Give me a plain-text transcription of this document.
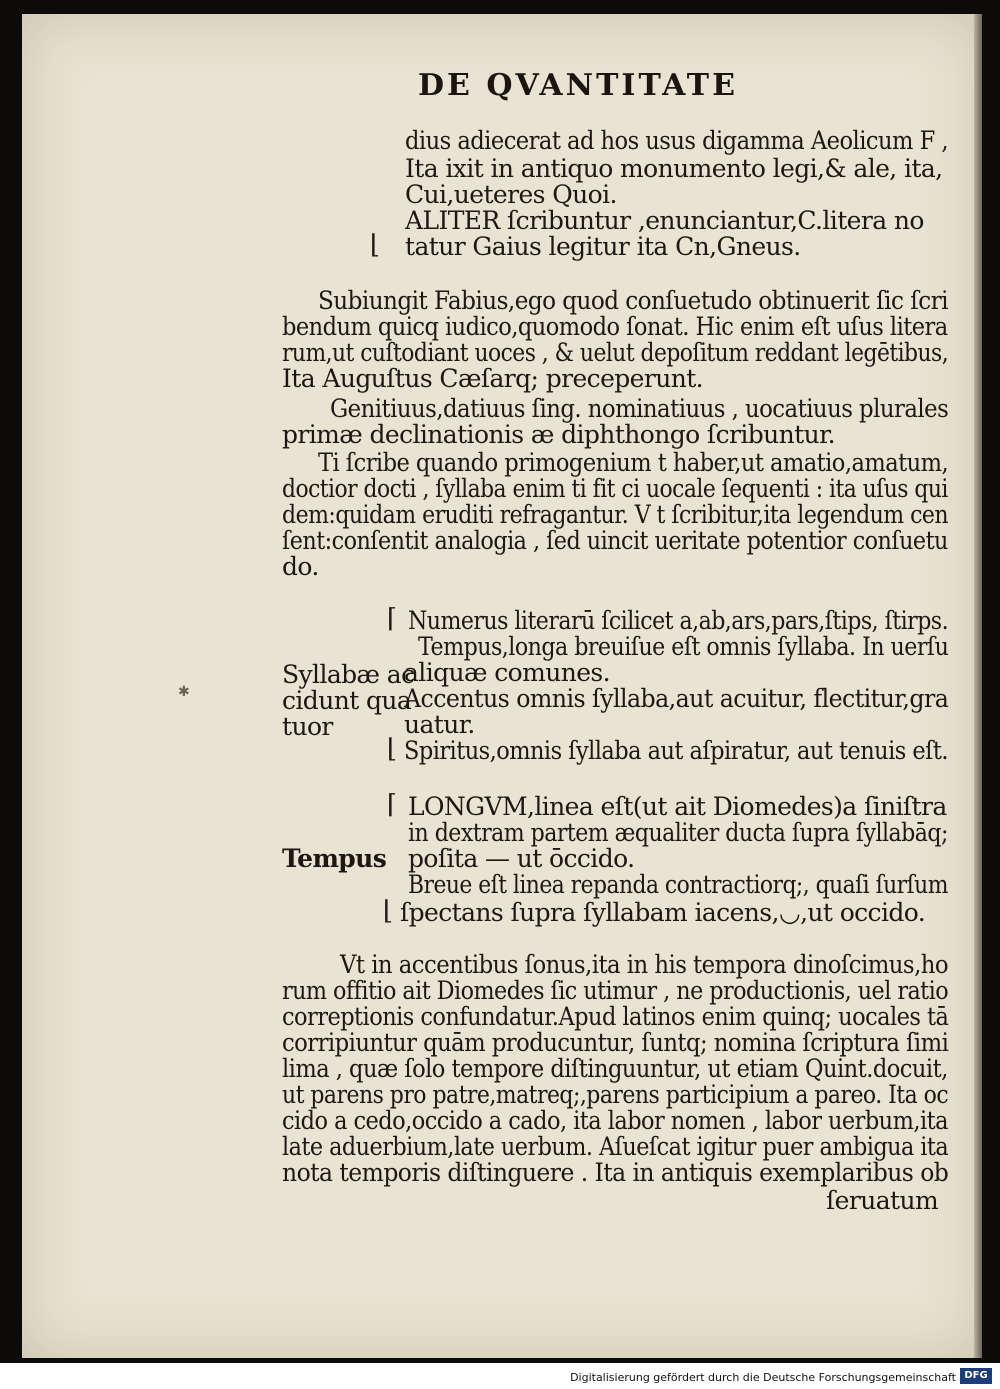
DE QVANTITATE
dius adiecerat ad hos usus digamma Aeolicum F ,
Ita ixit in antiquo monumento legi,& ale, ita,
Cui,ueteres Quoi.
ALITER ſcribuntur ,enunciantur,C.litera no
⌊ tatur Gaius legitur ita Cn,Gneus.
Subiungit Fabius,ego quod conſuetudo obtinuerit ſic ſcri
bendum quicq iudico,quomodo ſonat. Hic enim eſt uſus litera
rum,ut cuſtodiant uoces , & uelut depoſitum reddant legētibus,
Ita Auguſtus Cæſarq; preceperunt.
Genitiuus,datiuus ſing. nominatiuus , uocatiuus plurales
primæ declinationis æ diphthongo ſcribuntur.
Ti ſcribe quando primogenium t haber,ut amatio,amatum,
doctior docti , ſyllaba enim ti fit ci uocale ſequenti : ita uſus qui
dem:quidam eruditi refragantur. V t ſcribitur,ita legendum cen
ſent:conſentit analogia , ſed uincit ueritate potentior conſuetu
do.
✱
Syllabæ ac
cidunt qua
tuor
⌈ Numerus literarū ſcilicet a,ab,ars,pars,ſtips, ſtirps.
Tempus,longa breuiſue eſt omnis ſyllaba. In uerſu
aliquæ comunes.
Accentus omnis ſyllaba,aut acuitur, flectitur,gra
uatur.
⌊ Spiritus,omnis ſyllaba aut aſpiratur, aut tenuis eſt.
Tempus
⌈ LONGVM,linea eſt(ut ait Diomedes)a ſiniſtra
in dextram partem æqualiter ducta ſupra ſyllabāq;
poſita — ut ōccido.
Breue eſt linea repanda contractiorq;, quaſi ſurſum
⌊ ſpectans ſupra ſyllabam iacens,◡,ut occido.
Vt in accentibus ſonus,ita in his tempora dinoſcimus,ho
rum offitio ait Diomedes ſic utimur , ne productionis, uel ratio
correptionis confundatur.Apud latinos enim quinq; uocales tā
corripiuntur quām producuntur, ſuntq; nomina ſcriptura ſimi
lima , quæ ſolo tempore diſtinguuntur, ut etiam Quint.docuit,
ut parens pro patre,matreq;,parens participium a pareo. Ita oc
cido a cedo,occido a cado, ita labor nomen , labor uerbum,ita
late aduerbium,late uerbum. Aſueſcat igitur puer ambigua ita
nota temporis diſtinguere . Ita in antiquis exemplaribus ob
ſeruatum
Digitalisierung gefördert durch die Deutsche Forschungsgemeinschaft DFG
